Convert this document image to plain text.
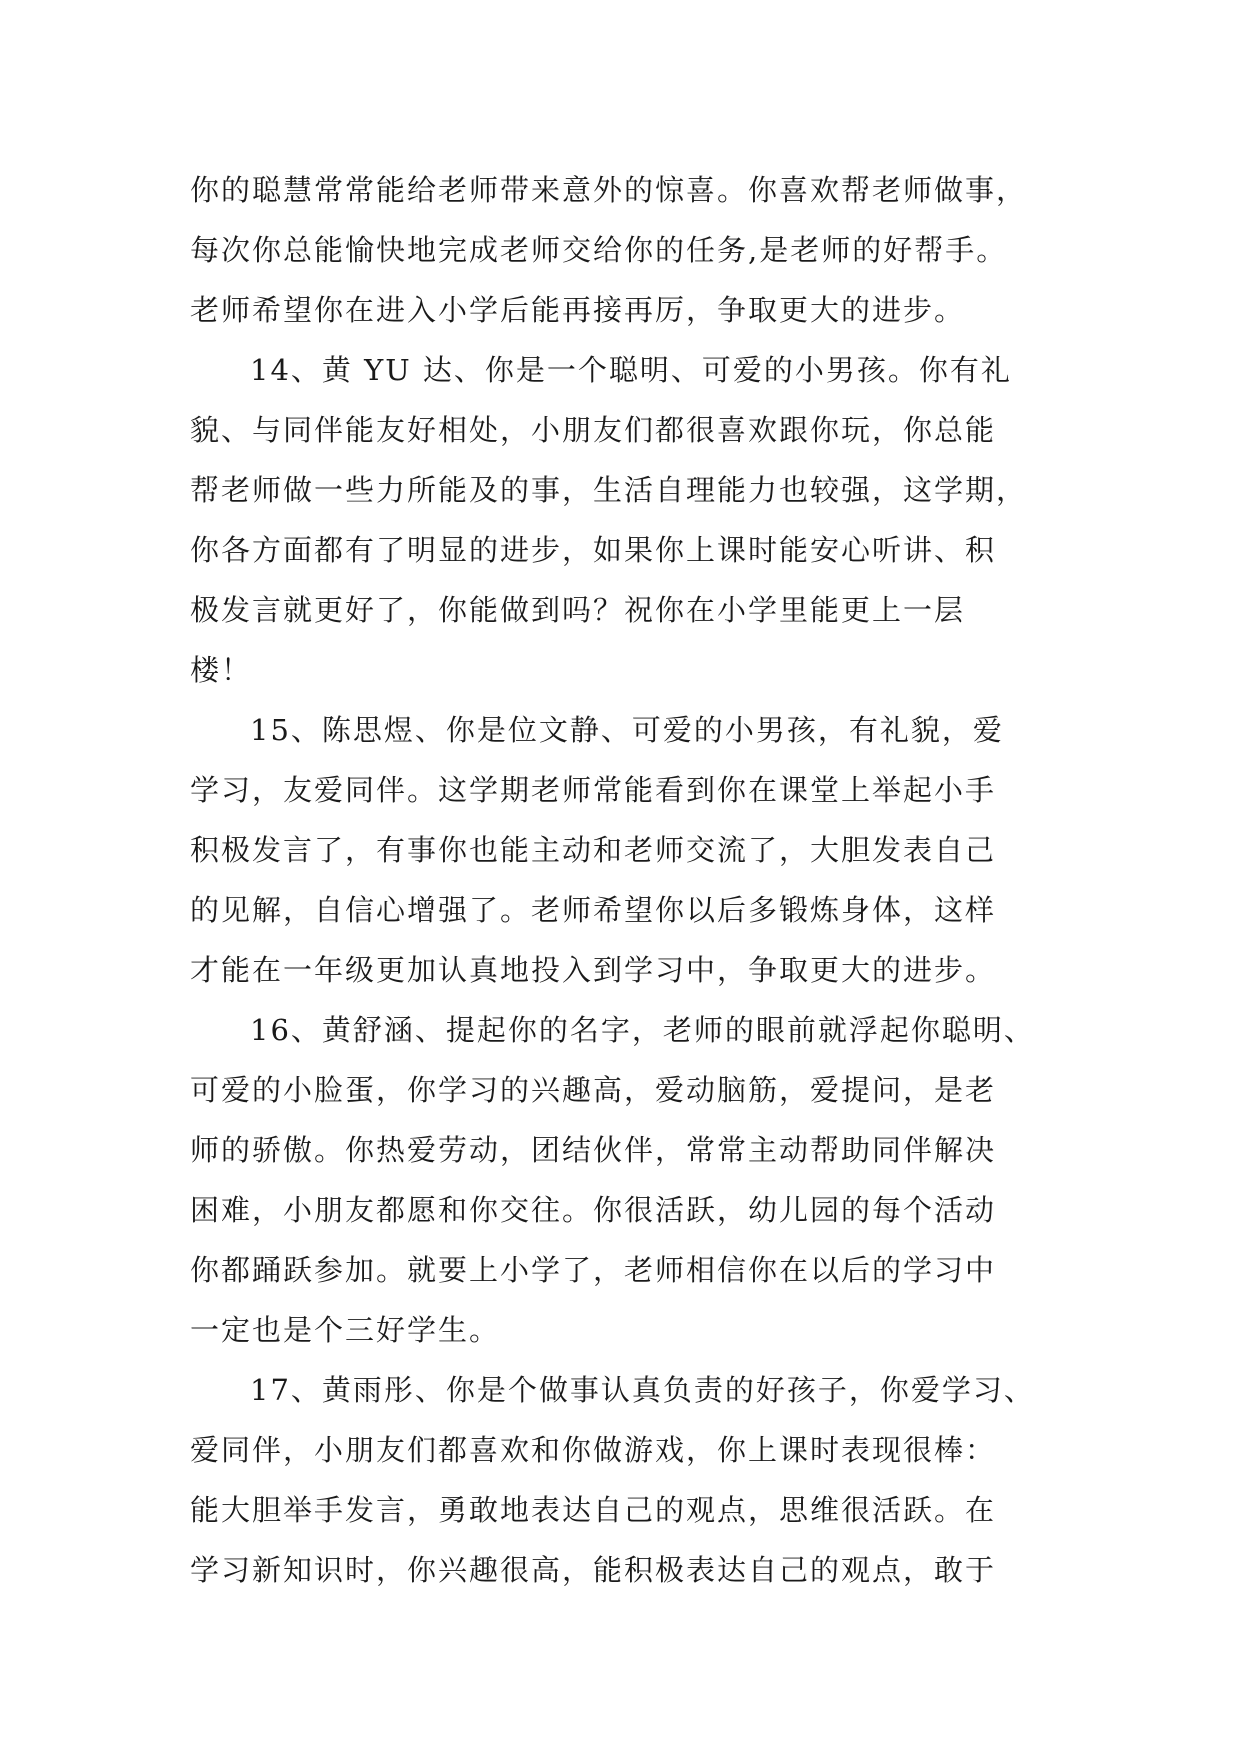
你的聪慧常常能给老师带来意外的惊喜。你喜欢帮老师做事，
每次你总能愉快地完成老师交给你的任务,是老师的好帮手。
老师希望你在进入小学后能再接再厉，争取更大的进步。
14、黄 YU 达、你是一个聪明、可爱的小男孩。你有礼
貌、与同伴能友好相处，小朋友们都很喜欢跟你玩，你总能
帮老师做一些力所能及的事，生活自理能力也较强，这学期，
你各方面都有了明显的进步，如果你上课时能安心听讲、积
极发言就更好了，你能做到吗？祝你在小学里能更上一层
楼！
15、陈思煜、你是位文静、可爱的小男孩，有礼貌，爱
学习，友爱同伴。这学期老师常能看到你在课堂上举起小手
积极发言了，有事你也能主动和老师交流了，大胆发表自己
的见解，自信心增强了。老师希望你以后多锻炼身体，这样
才能在一年级更加认真地投入到学习中，争取更大的进步。
16、黄舒涵、提起你的名字，老师的眼前就浮起你聪明、
可爱的小脸蛋，你学习的兴趣高，爱动脑筋，爱提问，是老
师的骄傲。你热爱劳动，团结伙伴，常常主动帮助同伴解决
困难，小朋友都愿和你交往。你很活跃，幼儿园的每个活动
你都踊跃参加。就要上小学了，老师相信你在以后的学习中
一定也是个三好学生。
17、黄雨彤、你是个做事认真负责的好孩子，你爱学习、
爱同伴，小朋友们都喜欢和你做游戏，你上课时表现很棒：
能大胆举手发言，勇敢地表达自己的观点，思维很活跃。在
学习新知识时，你兴趣很高，能积极表达自己的观点，敢于
